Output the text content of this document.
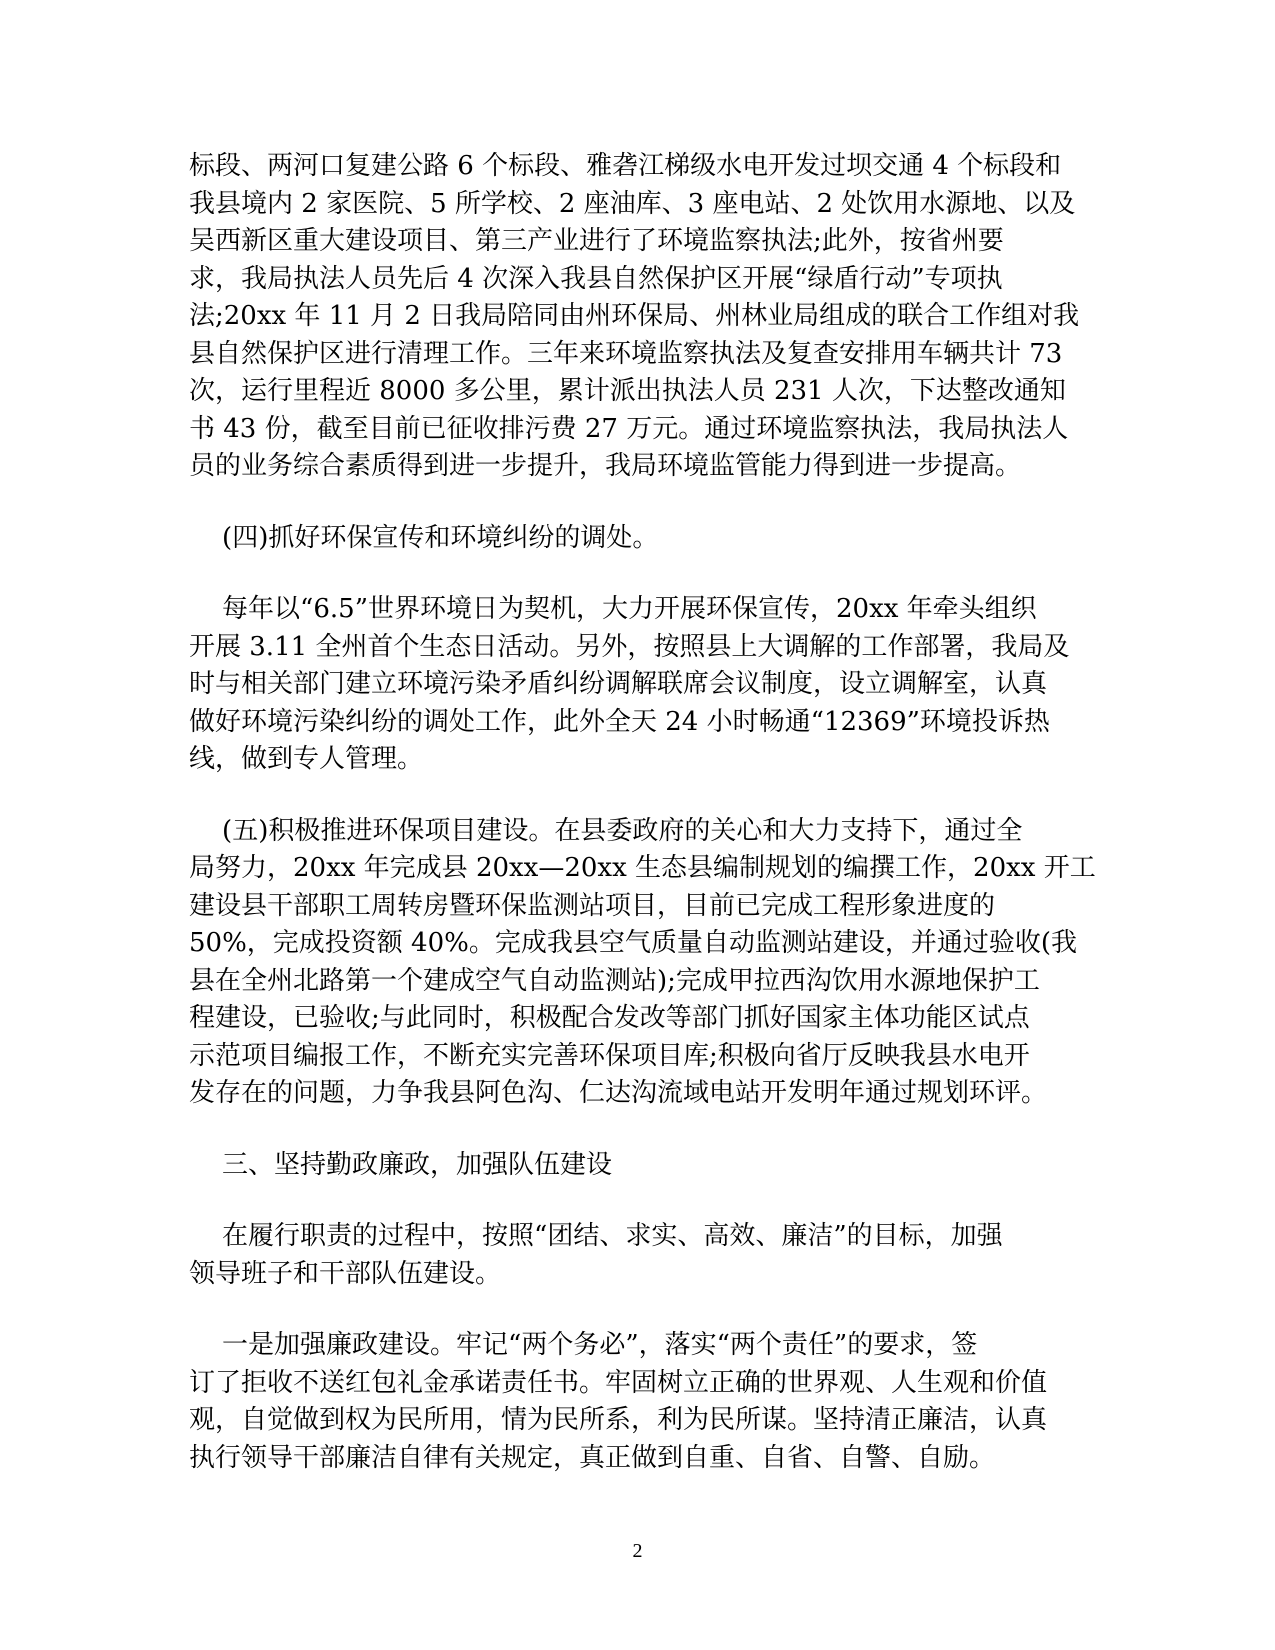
标段、两河口复建公路 6 个标段、雅砻江梯级水电开发过坝交通 4 个标段和
我县境内 2 家医院、5 所学校、2 座油库、3 座电站、2 处饮用水源地、以及
吴西新区重大建设项目、第三产业进行了环境监察执法;此外，按省州要
求，我局执法人员先后 4 次深入我县自然保护区开展“绿盾行动”专项执
法;20xx 年 11 月 2 日我局陪同由州环保局、州林业局组成的联合工作组对我
县自然保护区进行清理工作。三年来环境监察执法及复查安排用车辆共计 73
次，运行里程近 8000 多公里，累计派出执法人员 231 人次，下达整改通知
书 43 份，截至目前已征收排污费 27 万元。通过环境监察执法，我局执法人
员的业务综合素质得到进一步提升，我局环境监管能力得到进一步提高。

(四)抓好环保宣传和环境纠纷的调处。

每年以“6.5”世界环境日为契机，大力开展环保宣传，20xx 年牵头组织
开展 3.11 全州首个生态日活动。另外，按照县上大调解的工作部署，我局及
时与相关部门建立环境污染矛盾纠纷调解联席会议制度，设立调解室，认真
做好环境污染纠纷的调处工作，此外全天 24 小时畅通“12369”环境投诉热
线，做到专人管理。

(五)积极推进环保项目建设。在县委政府的关心和大力支持下，通过全
局努力，20xx 年完成县 20xx—20xx 生态县编制规划的编撰工作，20xx 开工
建设县干部职工周转房暨环保监测站项目，目前已完成工程形象进度的
50%，完成投资额 40%。完成我县空气质量自动监测站建设，并通过验收(我
县在全州北路第一个建成空气自动监测站);完成甲拉西沟饮用水源地保护工
程建设，已验收;与此同时，积极配合发改等部门抓好国家主体功能区试点
示范项目编报工作，不断充实完善环保项目库;积极向省厅反映我县水电开
发存在的问题，力争我县阿色沟、仁达沟流域电站开发明年通过规划环评。

三、坚持勤政廉政，加强队伍建设

在履行职责的过程中，按照“团结、求实、高效、廉洁”的目标，加强
领导班子和干部队伍建设。

一是加强廉政建设。牢记“两个务必”，落实“两个责任”的要求，签
订了拒收不送红包礼金承诺责任书。牢固树立正确的世界观、人生观和价值
观，自觉做到权为民所用，情为民所系，利为民所谋。坚持清正廉洁，认真
执行领导干部廉洁自律有关规定，真正做到自重、自省、自警、自励。

2
